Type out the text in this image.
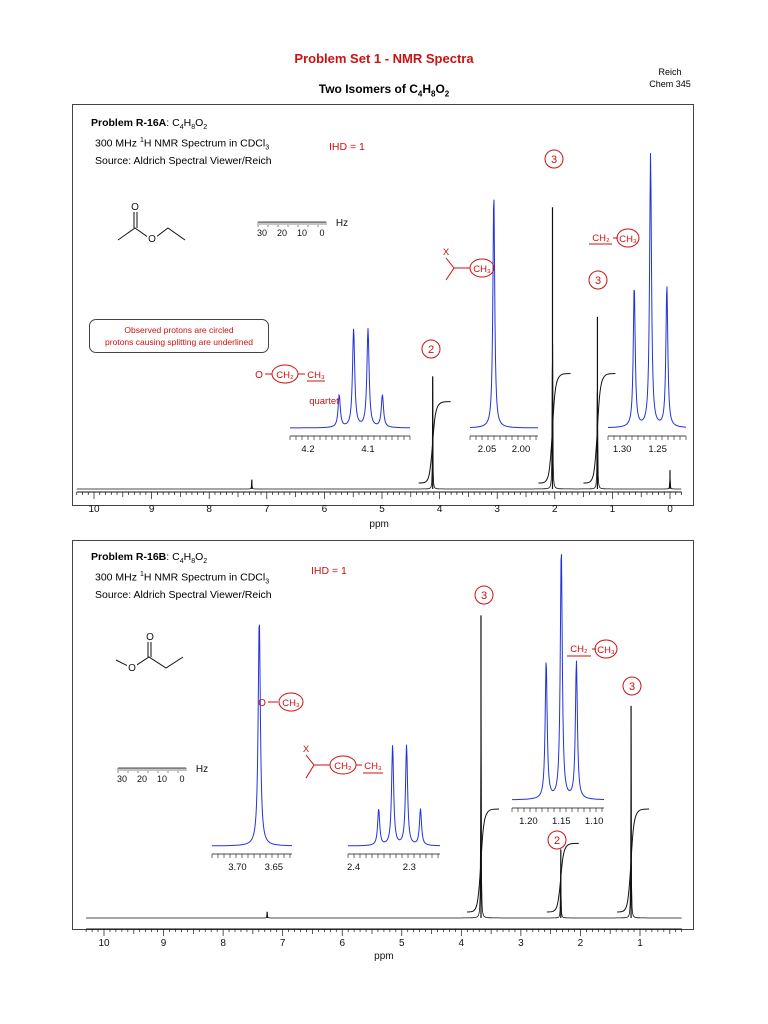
Problem Set 1 - NMR Spectra
Two Isomers of $C_4H_8O_2$
Reich
Chem 345
Problem R-16A: $C_4H_8O_2$
300 MHz $^1$H NMR Spectrum in CDCl$_3$
Source: Aldrich Spectral Viewer/Reich
IHD = 1
Observed protons are circled
protons causing splitting are underlined
Problem R-16B: $C_4H_8O_2$
300 MHz $^1$H NMR Spectrum in CDCl$_3$
Source: Aldrich Spectral Viewer/Reich
IHD = 1
10	9	8	7	6	5	4	3	2	1	0
ppm
4.2	4.1	2.05 2.00	1.30 1.25
30 20 10 0
Hz
quartet
2
3
3
O
O
O CH₂ CH₃
X
CH₃
CH₂ CH₃
10	9	8	7	6	5	4	3	2	1
ppm
3.70 3.65	2.4	2.3
1.20 1.15 1.10
30 20 10 0
Hz
3
2
3
O
O
O CH₃
X
CH₂ CH₃
CH₂ CH₃
